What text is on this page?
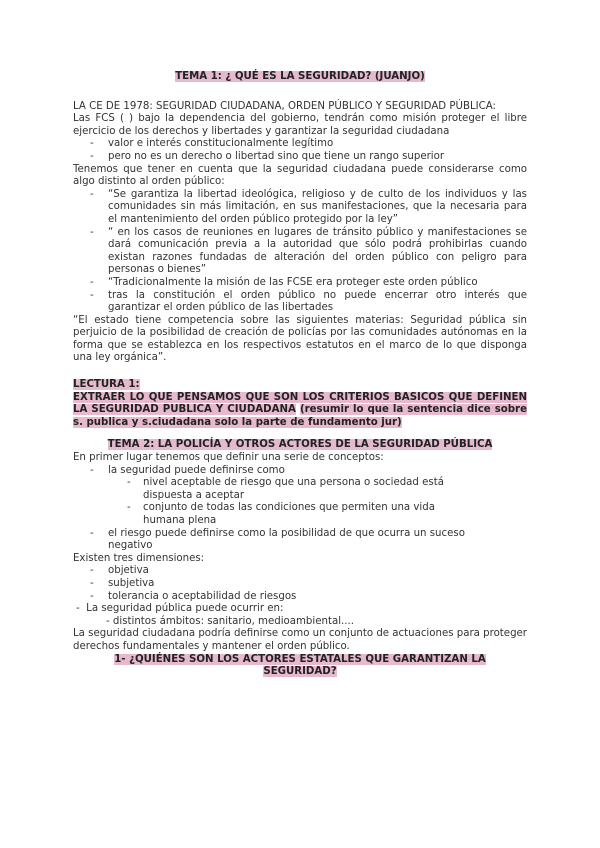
TEMA 1: ¿ QUÉ ES LA SEGURIDAD? (JUANJO)

LA CE DE 1978: SEGURIDAD CIUDADANA, ORDEN PÚBLICO Y SEGURIDAD PÚBLICA:

Las FCS ( ) bajo la dependencia del gobierno, tendrán como misión proteger el libre ejercicio de los derechos y libertades y garantizar la seguridad ciudadana

- valor e interés constitucionalmente legítimo
- pero no es un derecho o libertad sino que tiene un rango superior

Tenemos que tener en cuenta que la seguridad ciudadana puede considerarse como algo distinto al orden público:

- “Se garantiza la libertad ideológica, religioso y de culto de los individuos y las comunidades sin más limitación, en sus manifestaciones, que la necesaria para el mantenimiento del orden público protegido por la ley”
- “ en los casos de reuniones en lugares de tránsito público y manifestaciones se dará comunicación previa a la autoridad que sólo podrá prohibirlas cuando existan razones fundadas de alteración del orden público con peligro para personas o bienes”
- “Tradicionalmente la misión de las FCSE era proteger este orden público
- tras la constitución el orden público no puede encerrar otro interés que garantizar el orden público de las libertades

“El estado tiene competencia sobre las siguientes materias: Seguridad pública sin perjuicio de la posibilidad de creación de policías por las comunidades autónomas en la forma que se establezca en los respectivos estatutos en el marco de lo que disponga una ley orgánica”.

LECTURA 1:

EXTRAER LO QUE PENSAMOS QUE SON LOS CRITERIOS BASICOS QUE DEFINEN LA SEGURIDAD PUBLICA Y CIUDADANA (resumir lo que la sentencia dice sobre s. publica y s.ciudadana solo la parte de fundamento jur)

TEMA 2: LA POLICÍA Y OTROS ACTORES DE LA SEGURIDAD PÚBLICA

En primer lugar tenemos que definir una serie de conceptos:

- la seguridad puede definirse como
- nivel aceptable de riesgo que una persona o sociedad está dispuesta a aceptar
- conjunto de todas las condiciones que permiten una vida humana plena
- el riesgo puede definirse como la posibilidad de que ocurra un suceso negativo

Existen tres dimensiones:

- objetiva
- subjetiva
- tolerancia o aceptabilidad de riesgos

-  La seguridad pública puede ocurrir en:

- distintos ámbitos: sanitario, medioambiental....

La seguridad ciudadana podría definirse como un conjunto de actuaciones para proteger derechos fundamentales y mantener el orden público.

1- ¿QUIÉNES SON LOS ACTORES ESTATALES QUE GARANTIZAN LA SEGURIDAD?
